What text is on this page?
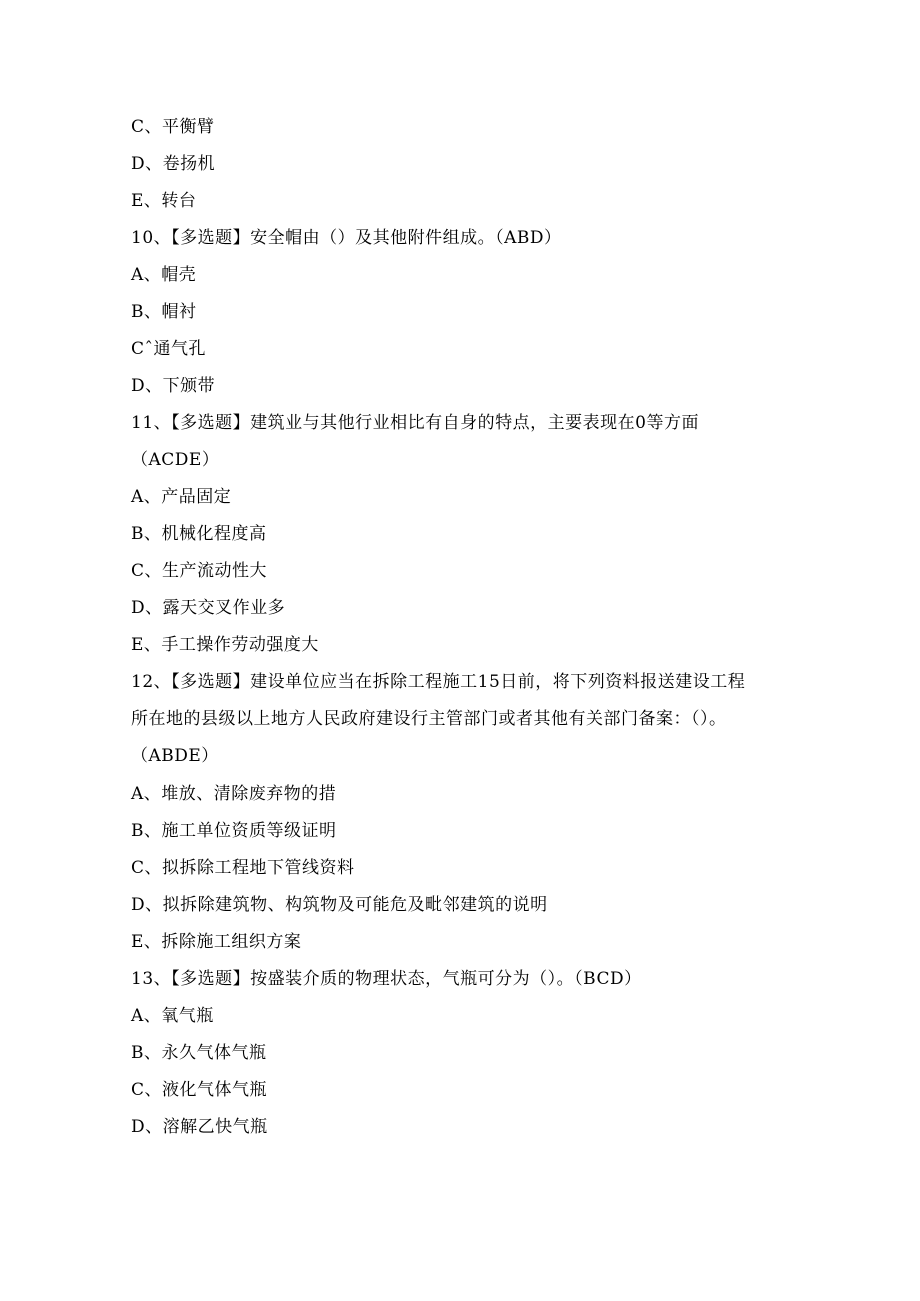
C、平衡臂
D、卷扬机
E、转台
10、【多选题】安全帽由（）及其他附件组成。（ABD）
A、帽壳
B、帽衬
Cˆ通气孔
D、下颁带
11、【多选题】建筑业与其他行业相比有自身的特点，主要表现在0等方面
（ACDE）
A、产品固定
B、机械化程度高
C、生产流动性大
D、露天交叉作业多
E、手工操作劳动强度大
12、【多选题】建设单位应当在拆除工程施工15日前，将下列资料报送建设工程
所在地的县级以上地方人民政府建设行主管部门或者其他有关部门备案：（）。
（ABDE）
A、堆放、清除废弃物的措
B、施工单位资质等级证明
C、拟拆除工程地下管线资料
D、拟拆除建筑物、构筑物及可能危及毗邻建筑的说明
E、拆除施工组织方案
13、【多选题】按盛装介质的物理状态，气瓶可分为（）。（BCD）
A、氧气瓶
B、永久气体气瓶
C、液化气体气瓶
D、溶解乙快气瓶
